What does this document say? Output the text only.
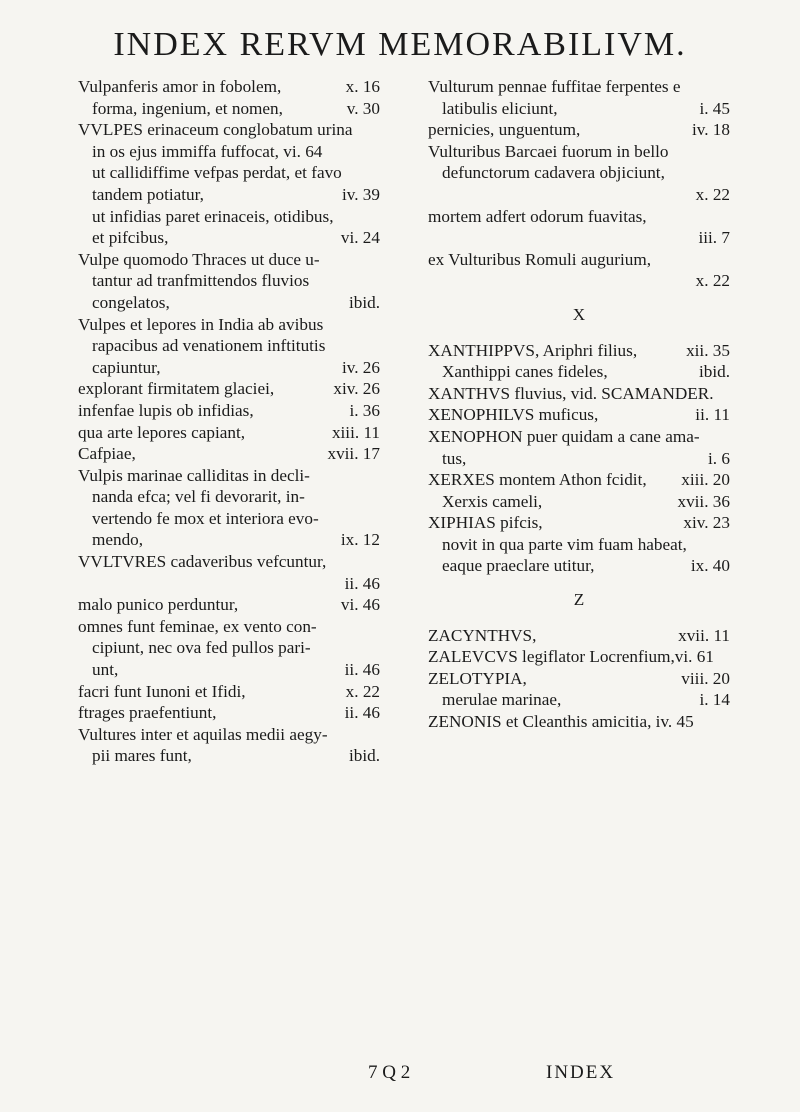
INDEX RERVM MEMORABILIVM.
Vulpanferis amor in fobolem,	x. 16
forma, ingenium, et nomen,	v. 30
VVLPES erinaceum conglobatum urina
in os ejus immiffa fuffocat, vi. 64
ut callidiffime vefpas perdat, et favo
tandem potiatur,	iv. 39
ut infidias paret erinaceis, otidibus,
et pifcibus,	vi. 24
Vulpe quomodo Thraces ut duce u-
tantur ad tranfmittendos fluvios
congelatos,	ibid.
Vulpes et lepores in India ab avibus
rapacibus ad venationem inftitutis
capiuntur,	iv. 26
explorant firmitatem glaciei,	xiv. 26
infenfae lupis ob infidias,	i. 36
qua arte lepores capiant,	xiii. 11
Cafpiae,	xvii. 17
Vulpis marinae calliditas in decli-
nanda efca; vel fi devorarit, in-
vertendo fe mox et interiora evo-
mendo,	ix. 12
VVLTVRES cadaveribus vefcuntur,
ii. 46
malo punico perduntur,	vi. 46
omnes funt feminae, ex vento con-
cipiunt, nec ova fed pullos pari-
unt,	ii. 46
facri funt Iunoni et Ifidi,	x. 22
ftrages praefentiunt,	ii. 46
Vultures inter et aquilas medii aegy-
pii mares funt,	ibid.
Vulturum pennae fuffitae ferpentes e
latibulis eliciunt,	i. 45
pernicies, unguentum,	iv. 18
Vulturibus Barcaei fuorum in bello
defunctorum cadavera objiciunt,
x. 22
mortem adfert odorum fuavitas,
iii. 7
ex Vulturibus Romuli augurium,
x. 22
X
XANTHIPPVS, Ariphri filius,	xii. 35
Xanthippi canes fideles,	ibid.
XANTHVS fluvius, vid. SCAMANDER.
XENOPHILVS muficus,	ii. 11
XENOPHON puer quidam a cane ama-
tus,	i. 6
XERXES montem Athon fcidit, xiii. 20
Xerxis cameli,	xvii. 36
XIPHIAS pifcis,	xiv. 23
novit in qua parte vim fuam habeat,
eaque praeclare utitur,	ix. 40
Z
ZACYNTHVS,	xvii. 11
ZALEVCVS legiflator Locrenfium,vi. 61
ZELOTYPIA,	viii. 20
merulae marinae,	i. 14
ZENONIS et Cleanthis amicitia, iv. 45
7 Q 2	INDEX
